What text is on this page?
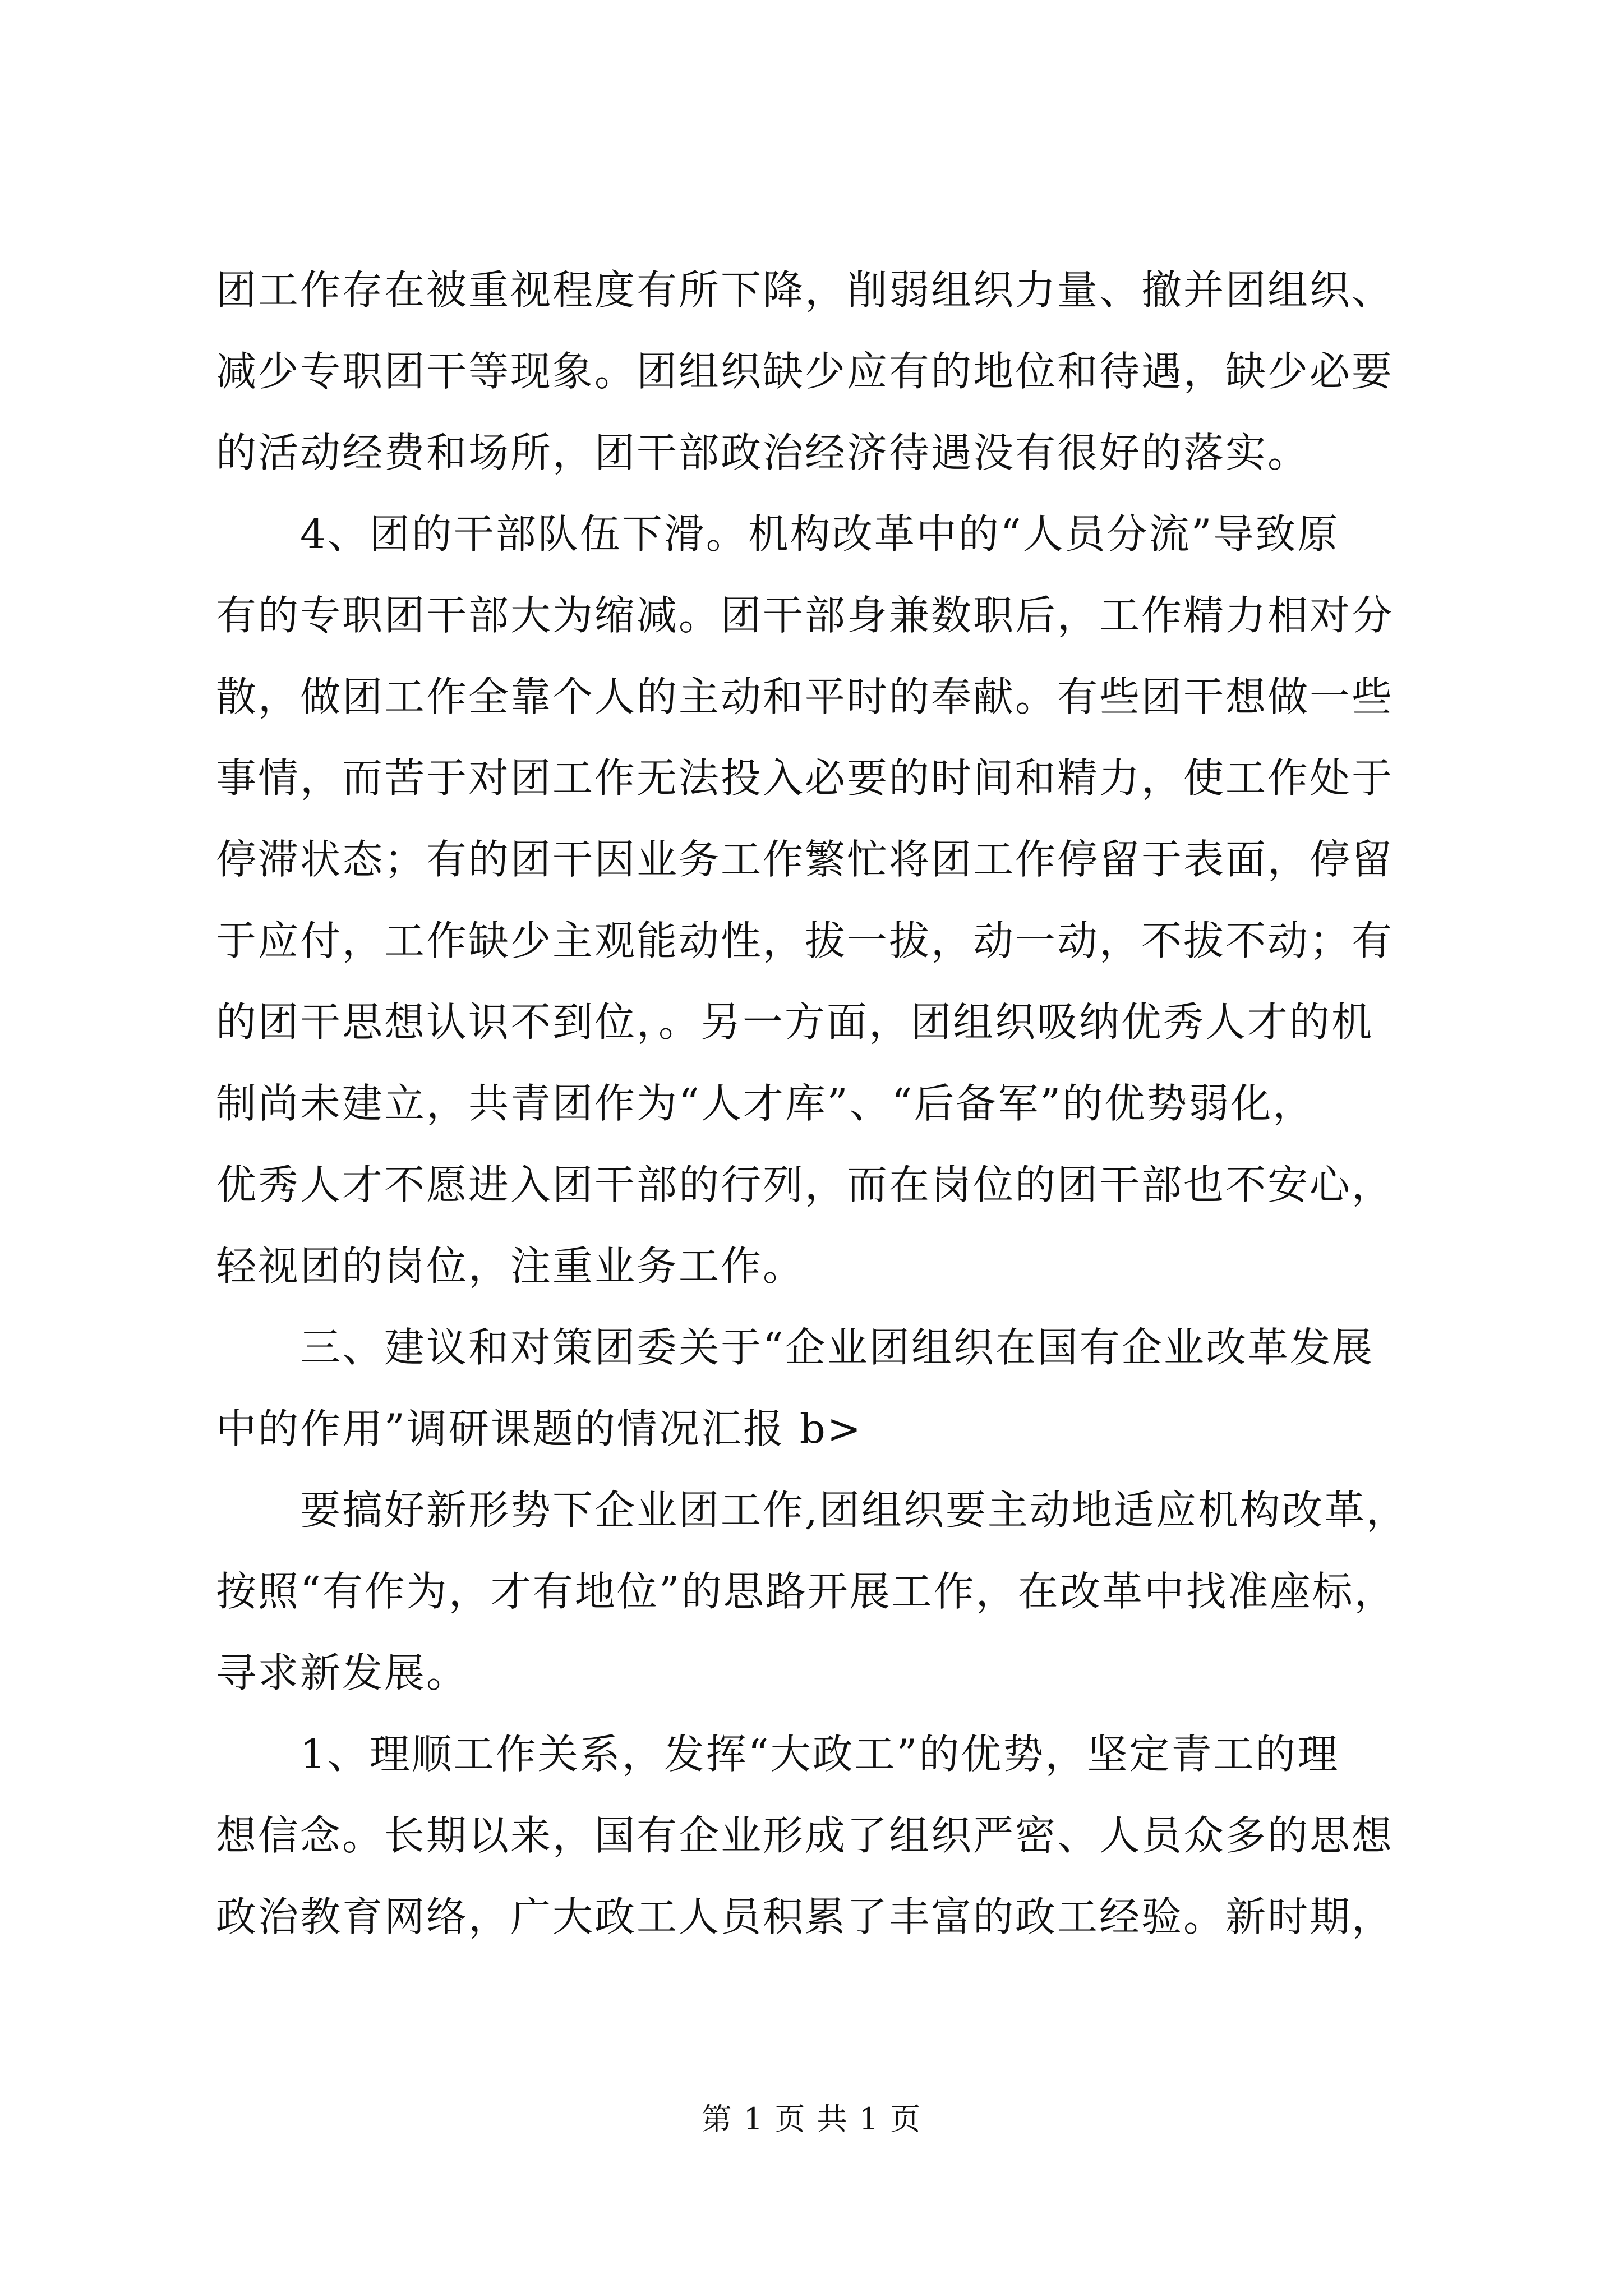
团工作存在被重视程度有所下降，削弱组织力量、撤并团组织、
减少专职团干等现象。团组织缺少应有的地位和待遇，缺少必要
的活动经费和场所，团干部政治经济待遇没有很好的落实。
4、团的干部队伍下滑。机构改革中的“人员分流”导致原
有的专职团干部大为缩减。团干部身兼数职后，工作精力相对分
散，做团工作全靠个人的主动和平时的奉献。有些团干想做一些
事情，而苦于对团工作无法投入必要的时间和精力，使工作处于
停滞状态；有的团干因业务工作繁忙将团工作停留于表面，停留
于应付，工作缺少主观能动性，拔一拔，动一动，不拔不动；有
的团干思想认识不到位，。另一方面，团组织吸纳优秀人才的机
制尚未建立，共青团作为“人才库”、“后备军”的优势弱化，
优秀人才不愿进入团干部的行列，而在岗位的团干部也不安心，
轻视团的岗位，注重业务工作。
三、建议和对策团委关于“企业团组织在国有企业改革发展
中的作用”调研课题的情况汇报 b>
要搞好新形势下企业团工作,团组织要主动地适应机构改革，
按照“有作为，才有地位”的思路开展工作，在改革中找准座标，
寻求新发展。
1、理顺工作关系，发挥“大政工”的优势，坚定青工的理
想信念。长期以来，国有企业形成了组织严密、人员众多的思想
政治教育网络，广大政工人员积累了丰富的政工经验。新时期，
第 1 页 共 1 页
